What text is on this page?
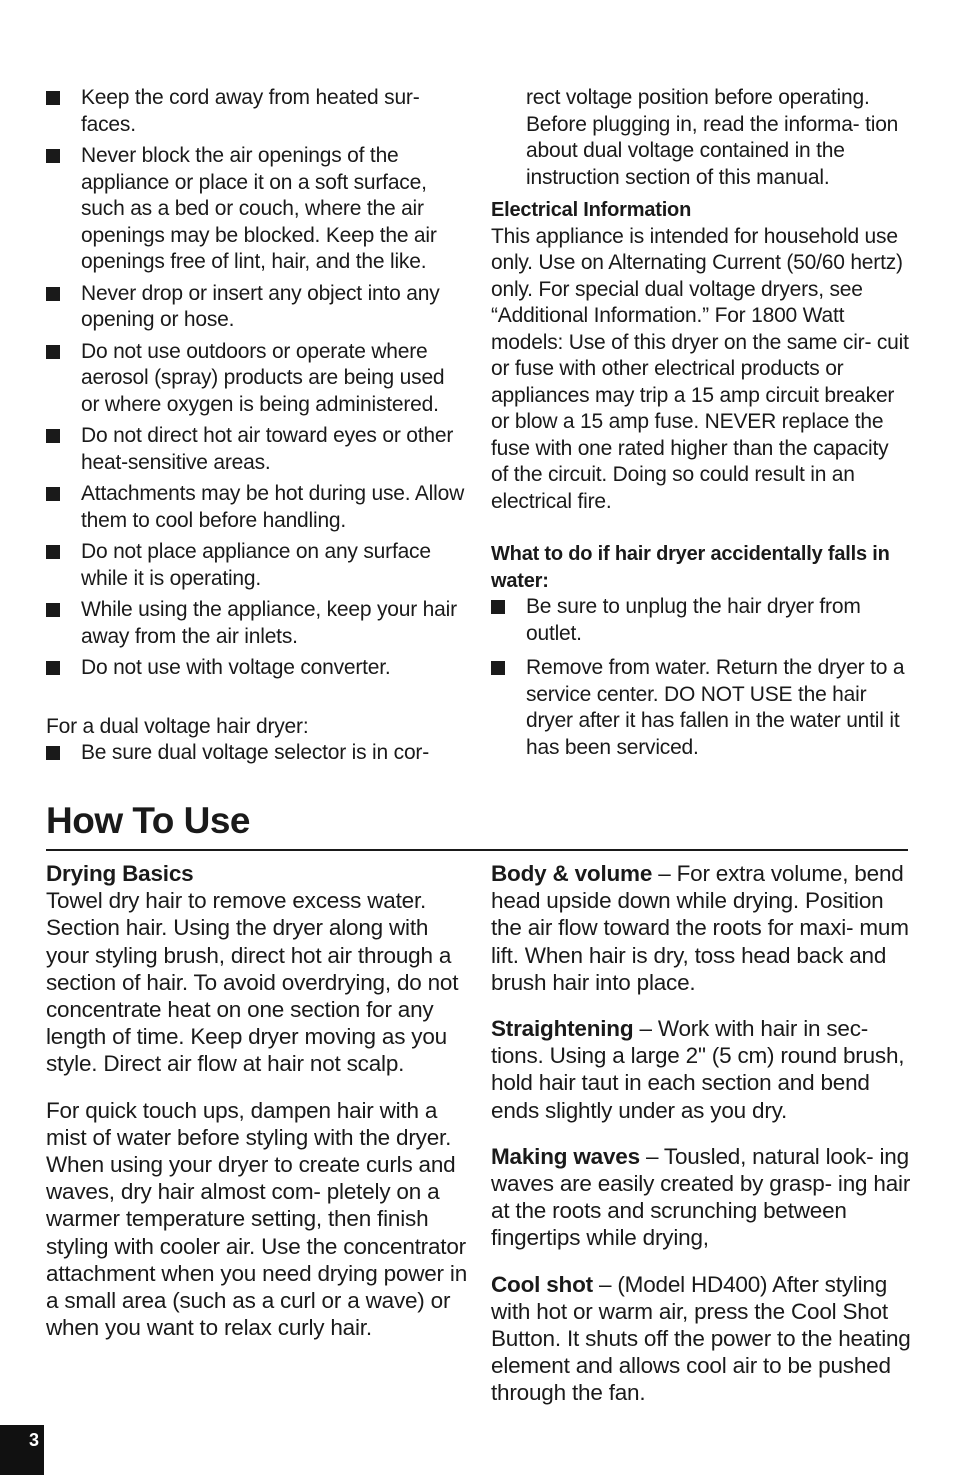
Keep the cord away from heated sur- faces.
Never block the air openings of the appliance or place it on a soft surface, such as a bed or couch, where the air openings may be blocked. Keep the air openings free of lint, hair, and the like.
Never drop or insert any object into any opening or hose.
Do not use outdoors or operate where aerosol (spray) products are being used or where oxygen is being administered.
Do not direct hot air toward eyes or other heat-sensitive areas.
Attachments may be hot during use. Allow them to cool before handling.
Do not place appliance on any surface while it is operating.
While using the appliance, keep your hair away from the air inlets.
Do not use with voltage converter.
For a dual voltage hair dryer:
Be sure dual voltage selector is in cor-
rect voltage position before operating. Before plugging in, read the informa- tion about dual voltage contained in the instruction section of this manual.
Electrical Information
This appliance is intended for household use only. Use on Alternating Current (50/60 hertz) only. For special dual voltage dryers, see “Additional Information.” For 1800 Watt models: Use of this dryer on the same cir- cuit or fuse with other electrical products or appliances may trip a 15 amp circuit breaker or blow a 15 amp fuse. NEVER replace the fuse with one rated higher than the capacity of the circuit. Doing so could result in an electrical fire.
What to do if hair dryer accidentally falls in water:
Be sure to unplug the hair dryer from outlet.
Remove from water. Return the dryer to a service center. DO NOT USE the hair dryer after it has fallen in the water until it has been serviced.
How To Use

Drying Basics
Towel dry hair to remove excess water. Section hair. Using the dryer along with your styling brush, direct hot air through a section of hair. To avoid overdrying, do not concentrate heat on one section for any length of time. Keep dryer moving as you style. Direct air flow at hair not scalp.

For quick touch ups, dampen hair with a mist of water before styling with the dryer. When using your dryer to create curls and waves, dry hair almost com- pletely on a warmer temperature setting, then finish styling with cooler air. Use the concentrator attachment when you need drying power in a small area (such as a curl or a wave) or when you want to relax curly hair.

Body & volume – For extra volume, bend head upside down while drying. Position the air flow toward the roots for maxi- mum lift. When hair is dry, toss head back and brush hair into place.

Straightening – Work with hair in sec- tions. Using a large 2" (5 cm) round brush, hold hair taut in each section and bend ends slightly under as you dry.

Making waves – Tousled, natural look- ing waves are easily created by grasp- ing hair at the roots and scrunching between fingertips while drying,

Cool shot – (Model HD400) After styling with hot or warm air, press the Cool Shot Button. It shuts off the power to the heating element and allows cool air to be pushed through the fan.

3
